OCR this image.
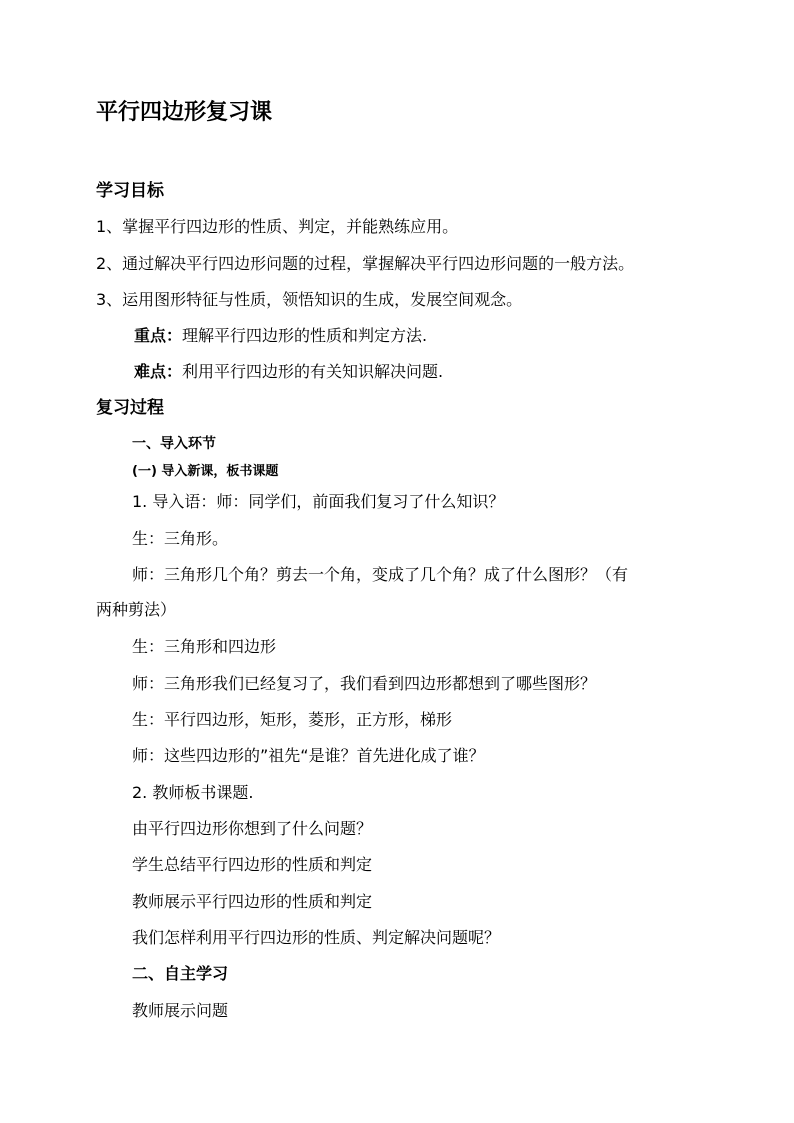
平行四边形复习课
学习目标
1、掌握平行四边形的性质、判定，并能熟练应用。
2、通过解决平行四边形问题的过程，掌握解决平行四边形问题的一般方法。
3、运用图形特征与性质，领悟知识的生成，发展空间观念。
重点：理解平行四边形的性质和判定方法.
难点：利用平行四边形的有关知识解决问题.
复习过程
一、导入环节
(一) 导入新课，板书课题
1. 导入语：师：同学们，前面我们复习了什么知识？
生：三角形。
师：三角形几个角？剪去一个角，变成了几个角？成了什么图形？（有
两种剪法）
生：三角形和四边形
师：三角形我们已经复习了，我们看到四边形都想到了哪些图形？
生：平行四边形，矩形，菱形，正方形，梯形
师：这些四边形的”祖先“是谁？首先进化成了谁？
2. 教师板书课题.
由平行四边形你想到了什么问题？
学生总结平行四边形的性质和判定
教师展示平行四边形的性质和判定
我们怎样利用平行四边形的性质、判定解决问题呢？
二、自主学习
教师展示问题
